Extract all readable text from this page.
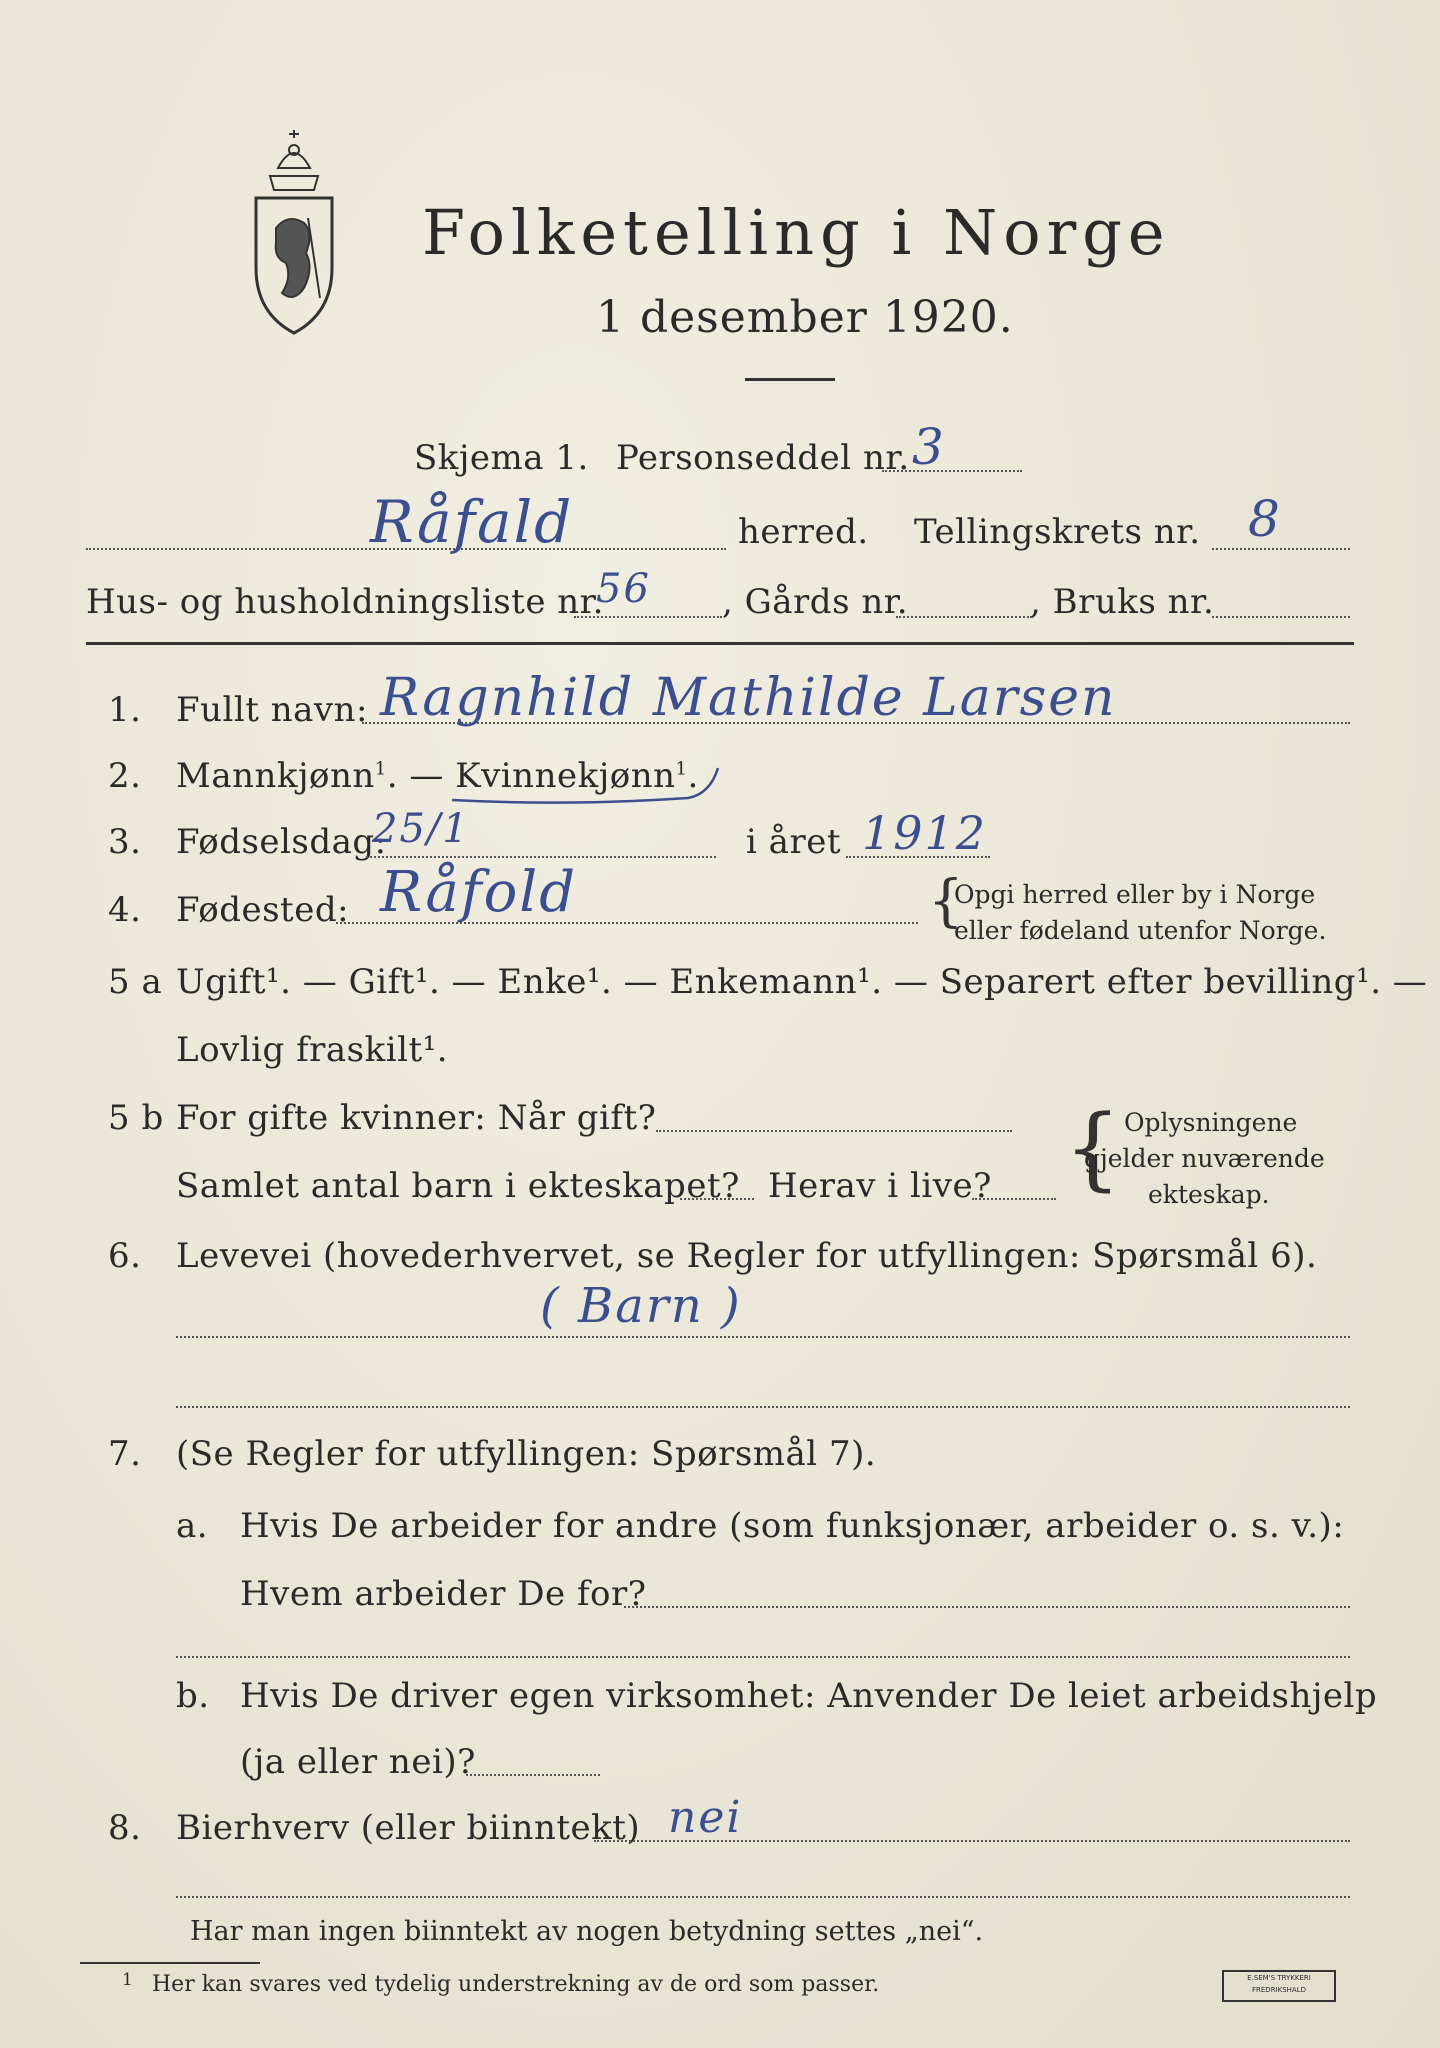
Folketelling i Norge
1 desember 1920.
Skjema 1. Personseddel nr. 3
Råfald	herred. Tellingskrets nr. 8
Hus- og husholdningsliste nr.
56 , Gårds nr.	, Bruks nr.
1. Fullt navn: Ragnhild Mathilde Larsen
2. Mannkjønn$^1$. — Kvinnekjønn$^1$.
3. Fødselsdag:
25/1	i året 1912
4. Fødested: Råfold	{
Opgi herred eller by i Norge
eller fødeland utenfor Norge.
5 a Ugift¹. — Gift¹. — Enke¹. — Enkemann¹. — Separert efter bevilling¹. —
Lovlig fraskilt¹.
5 b For gifte kvinner: Når gift?
Samlet antal barn i ekteskapet? Herav i live? { Oplysningene
gjelder nuværende
ekteskap.
6. Levevei (hovederhvervet, se Regler for utfyllingen: Spørsmål 6).
( Barn )
7. (Se Regler for utfyllingen: Spørsmål 7).
a. Hvis De arbeider for andre (som funksjonær, arbeider o. s. v.):
Hvem arbeider De for?
b. Hvis De driver egen virksomhet: Anvender De leiet arbeidshjelp
(ja eller nei)?
8. Bierhverv (eller biinntekt) nei
Har man ingen biinntekt av nogen betydning settes „nei“.
1 Her kan svares ved tydelig understrekning av de ord som passer.	E.SEM'S TRYKKERI
FREDRIKSHALD
